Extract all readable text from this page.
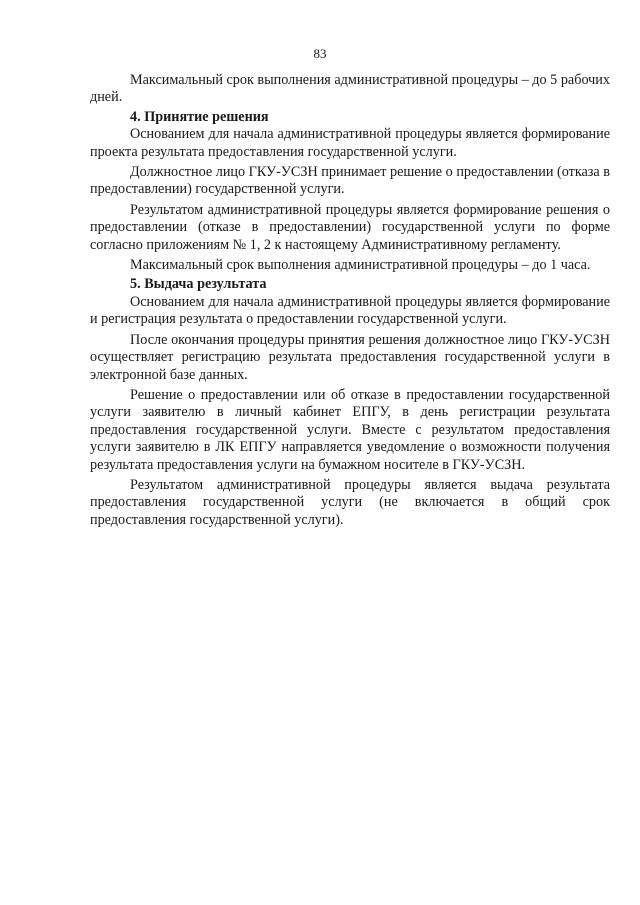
83

Максимальный срок выполнения административной процедуры – до 5 рабочих дней.

4. Принятие решения

Основанием для начала административной процедуры является формирование проекта результата предоставления государственной услуги.

Должностное лицо ГКУ-УСЗН принимает решение о предоставлении (отказа в предоставлении) государственной услуги.

Результатом административной процедуры является формирование решения о предоставлении (отказе в предоставлении) государственной услуги по форме согласно приложениям № 1, 2 к настоящему Административному регламенту.

Максимальный срок выполнения административной процедуры – до 1 часа.

5. Выдача результата

Основанием для начала административной процедуры является формирование и регистрация результата о предоставлении государственной услуги.

После окончания процедуры принятия решения должностное лицо ГКУ-УСЗН осуществляет регистрацию результата предоставления государственной услуги в электронной базе данных.

Решение о предоставлении или об отказе в предоставлении государственной услуги заявителю в личный кабинет ЕПГУ, в день регистрации результата предоставления государственной услуги. Вместе с результатом предоставления услуги заявителю в ЛК ЕПГУ направляется уведомление о возможности получения результата предоставления услуги на бумажном носителе в ГКУ-УСЗН.

Результатом административной процедуры является выдача результата предоставления государственной услуги (не включается в общий срок предоставления государственной услуги).
